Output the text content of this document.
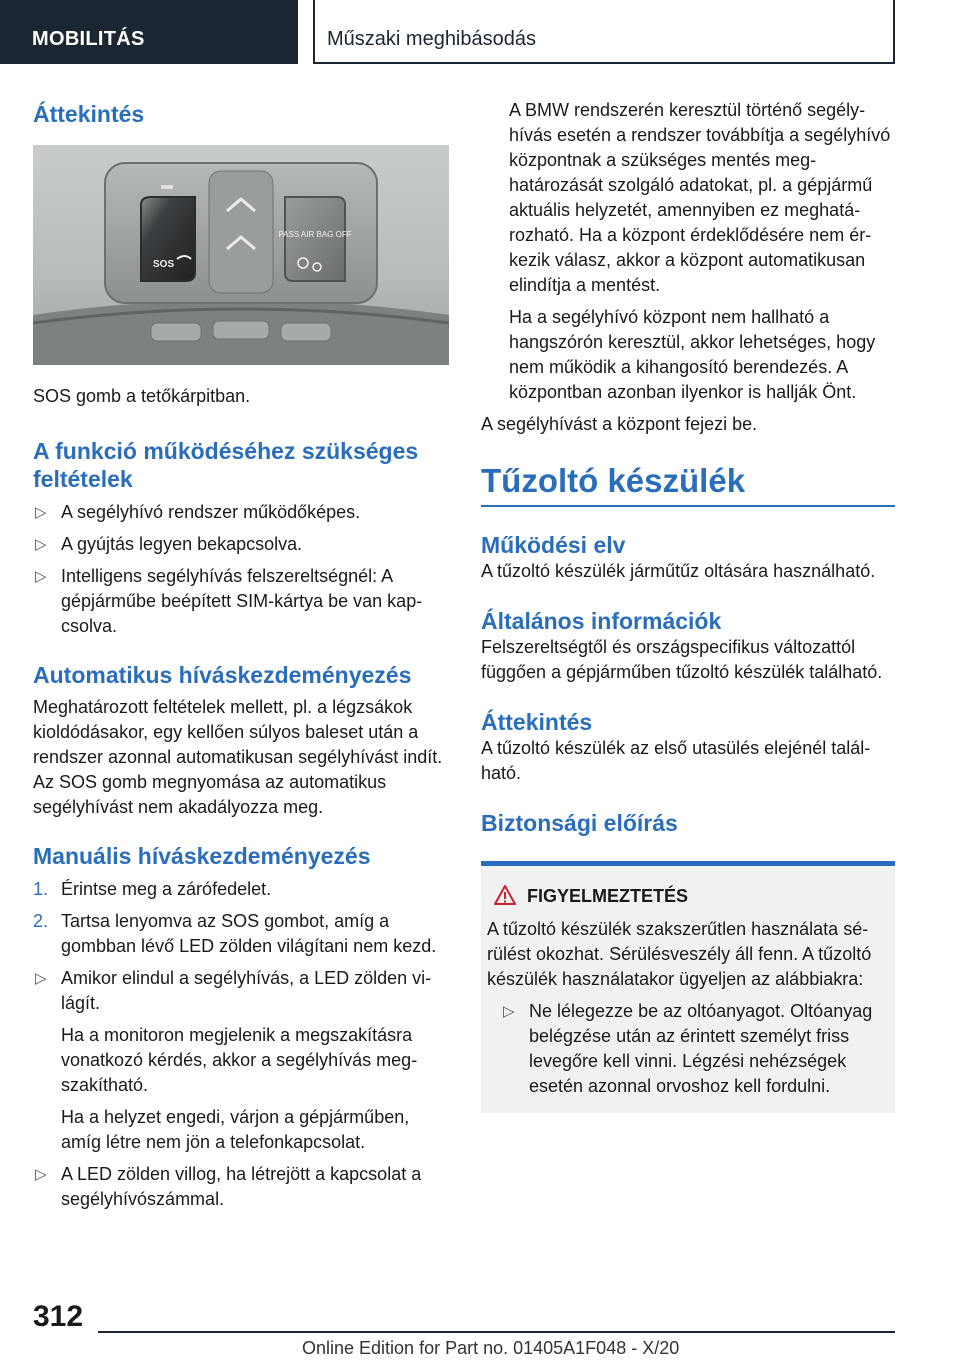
MOBILITÁS	Műszaki meghibásodás
Áttekintés
SOS
PASS AIR BAG OFF

SOS gomb a tetőkárpitban.

A funkció működéséhez szükséges feltételek
▷ A segélyhívó rendszer működőképes.
▷ A gyújtás legyen bekapcsolva.
▷ Intelligens segélyhívás felszereltségnél: A gépjárműbe beépített SIM-kártya be van kapcsolva.
Automatikus híváskezdeményezés

Meghatározott feltételek mellett, pl. a légzsákok kioldódásakor, egy kellően súlyos baleset után a rendszer azonnal automatikusan segélyhívást indít. Az SOS gomb megnyomása az automatikus segélyhívást nem akadályozza meg.

Manuális híváskezdeményezés
1. Érintse meg a zárófedelet.
2. Tartsa lenyomva az SOS gombot, amíg a gombban lévő LED zölden világítani nem kezd.
▷ Amikor elindul a segélyhívás, a LED zölden világít.

Ha a monitoron megjelenik a megszakításra vonatkozó kérdés, akkor a segélyhívás megszakítható.

Ha a helyzet engedi, várjon a gépjárműben, amíg létre nem jön a telefonkapcsolat.

▷ A LED zölden villog, ha létrejött a kapcsolat a segélyhívószámmal.

A BMW rendszerén keresztül történő segélyhívás esetén a rendszer továbbítja a segélyhívó központnak a szükséges mentés meghatározását szolgáló adatokat, pl. a gépjármű aktuális helyzetét, amennyiben ez meghatározható. Ha a központ érdeklődésére nem érkezik válasz, akkor a központ automatikusan elindítja a mentést.

Ha a segélyhívó központ nem hallható a hangszórón keresztül, akkor lehetséges, hogy nem működik a kihangosító berendezés. A központban azonban ilyenkor is hallják Önt.

A segélyhívást a központ fejezi be.

Tűzoltó készülék
Működési elv

A tűzoltó készülék járműtűz oltására használható.

Általános információk

Felszereltségtől és országspecifikus változattól függően a gépjárműben tűzoltó készülék található.

Áttekintés

A tűzoltó készülék az első utasülés elejénél található.

Biztonsági előírás
FIGYELMEZTETÉS

A tűzoltó készülék szakszerűtlen használata sérülést okozhat. Sérülésveszély áll fenn. A tűzoltó készülék használatakor ügyeljen az alábbiakra:

▷ Ne lélegezze be az oltóanyagot. Oltóanyag belégzése után az érintett személyt friss levegőre kell vinni. Légzési nehézségek esetén azonnal orvoshoz kell fordulni.
312
Online Edition for Part no. 01405A1F048 - X/20
